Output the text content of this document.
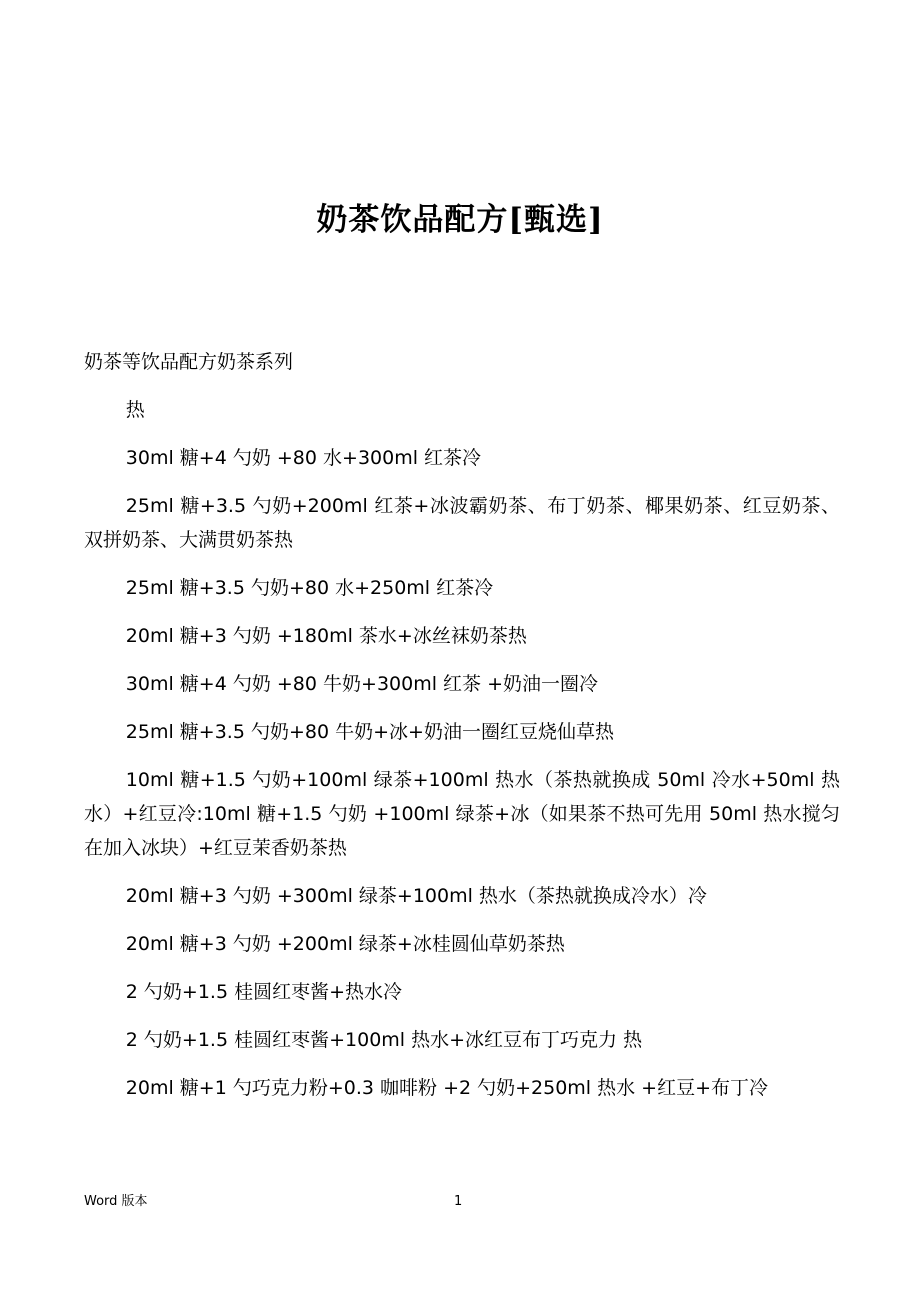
奶茶饮品配方[甄选]

奶茶等饮品配方奶茶系列

热

30ml 糖+4 勺奶 +80 水+300ml 红茶冷

25ml 糖+3.5 勺奶+200ml 红茶+冰波霸奶茶、布丁奶茶、椰果奶茶、红豆奶茶、双拼奶茶、大满贯奶茶热

25ml 糖+3.5 勺奶+80 水+250ml 红茶冷

20ml 糖+3 勺奶 +180ml 茶水+冰丝袜奶茶热

30ml 糖+4 勺奶 +80 牛奶+300ml 红茶 +奶油一圈冷

25ml 糖+3.5 勺奶+80 牛奶+冰+奶油一圈红豆烧仙草热

10ml 糖+1.5 勺奶+100ml 绿茶+100ml 热水（茶热就换成 50ml 冷水+50ml 热水）+红豆冷:10ml 糖+1.5 勺奶 +100ml 绿茶+冰（如果茶不热可先用 50ml 热水搅匀在加入冰块）+红豆茉香奶茶热

20ml 糖+3 勺奶 +300ml 绿茶+100ml 热水（茶热就换成冷水）冷

20ml 糖+3 勺奶 +200ml 绿茶+冰桂圆仙草奶茶热

2 勺奶+1.5 桂圆红枣酱+热水冷

2 勺奶+1.5 桂圆红枣酱+100ml 热水+冰红豆布丁巧克力 热

20ml 糖+1 勺巧克力粉+0.3 咖啡粉 +2 勺奶+250ml 热水 +红豆+布丁冷

Word 版本	1
